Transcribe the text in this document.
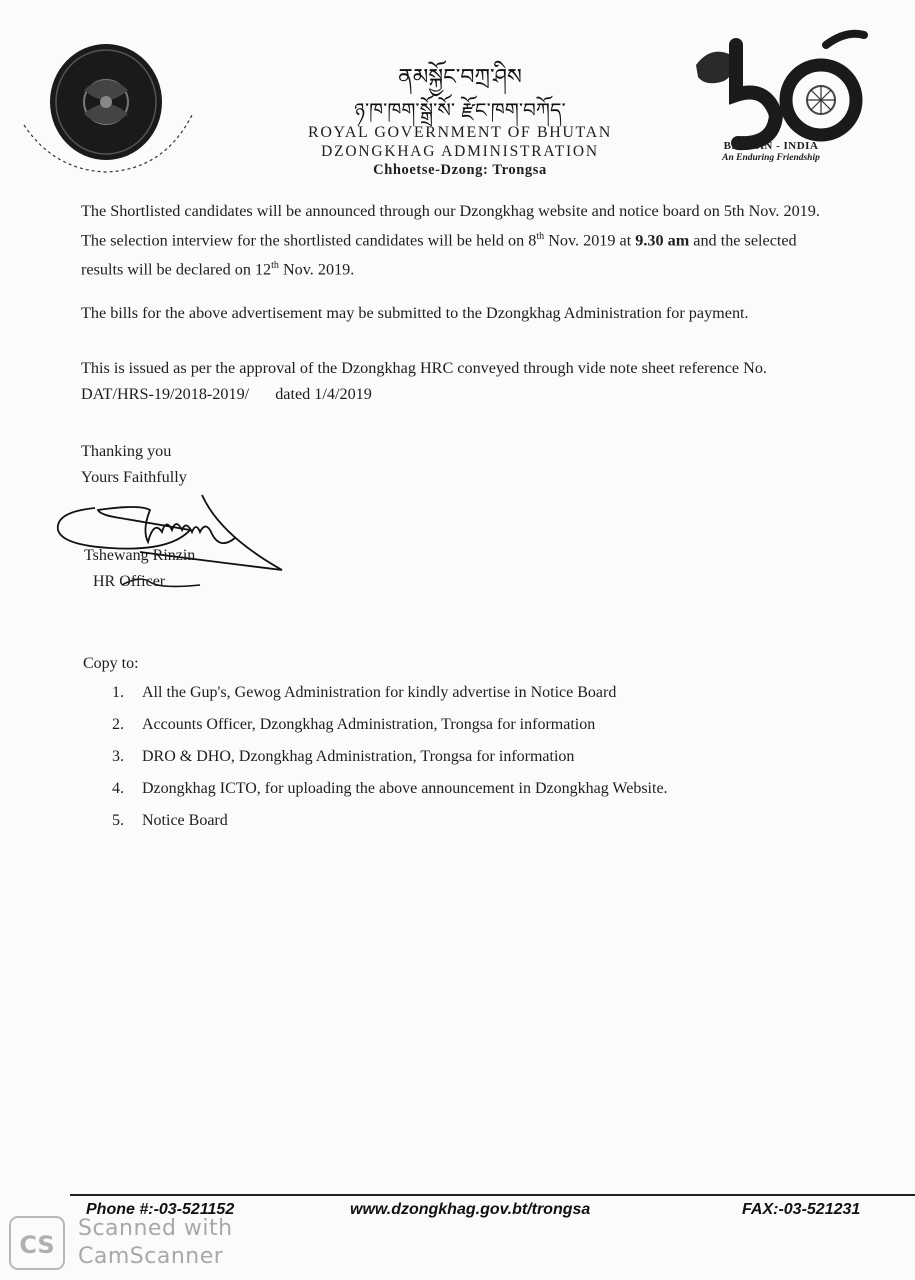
ནམསྐྱོང་བཀྲ་ཤིས
ཉ་ཁ་ཁག་སྒྲོ་སོ་ རྫོང་ཁག་བཀོད་
ROYAL GOVERNMENT OF BHUTAN
DZONGKHAG ADMINISTRATION
Chhoetse-Dzong: Trongsa
BHUTAN - INDIA
An Enduring Friendship
The Shortlisted candidates will be announced through our Dzongkhag website and notice board on 5th Nov. 2019. The selection interview for the shortlisted candidates will be held on 8th Nov. 2019 at 9.30 am and the selected results will be declared on 12th Nov. 2019.
The bills for the above advertisement may be submitted to the Dzongkhag Administration for payment.
This is issued as per the approval of the Dzongkhag HRC conveyed through vide note sheet reference No. DAT/HRS-19/2018-2019/ dated 1/4/2019
Thanking you
Yours Faithfully
Tshewang Rinzin
HR Officer
Copy to:
1. All the Gup's, Gewog Administration for kindly advertise in Notice Board
2. Accounts Officer, Dzongkhag Administration, Trongsa for information
3. DRO & DHO, Dzongkhag Administration, Trongsa for information
4. Dzongkhag ICTO, for uploading the above announcement in Dzongkhag Website.
5. Notice Board
Phone #:-03-521152	www.dzongkhag.gov.bt/trongsa	FAX:-03-521231
CS
Scanned with
CamScanner
